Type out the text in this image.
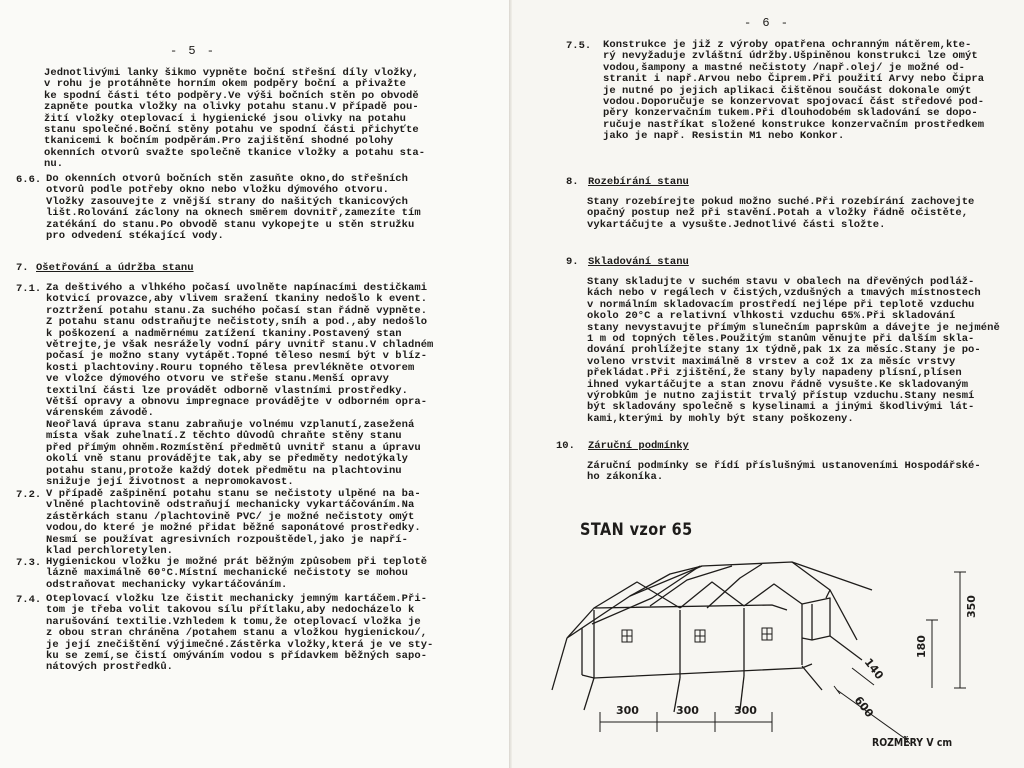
- 5 -
Jednotlivými lanky šikmo vypněte boční střešní díly vložky,
v rohu je protáhněte horním okem podpěry boční a přivažte
ke spodní části této podpěry.Ve výši bočních stěn po obvodě
zapněte poutka vložky na olivky potahu stanu.V případě pou-
žití vložky oteplovací i hygienické jsou olivky na potahu
stanu společné.Boční stěny potahu ve spodní části přichyťte
tkanicemi k bočním podpěrám.Pro zajištění shodné polohy
okenních otvorů svažte společně tkanice vložky a potahu sta-
nu.
6.6. Do okenních otvorů bočních stěn zasuňte okno,do střešních
otvorů podle potřeby okno nebo vložku dýmového otvoru.
Vložky zasouvejte z vnější strany do našitých tkanicových
lišt.Rolování záclony na oknech směrem dovnitř,zamezíte tím
zatékání do stanu.Po obvodě stanu vykopejte u stěn stružku
pro odvedení stékající vody.
7. Ošetřování a údržba stanu
7.1. Za deštivého a vlhkého počasí uvolněte napínacími destičkami
kotvicí provazce,aby vlivem sražení tkaniny nedošlo k event.
roztržení potahu stanu.Za suchého počasí stan řádně vypněte.
Z potahu stanu odstraňujte nečistoty,sníh a pod.,aby nedošlo
k poškození a nadměrnému zatížení tkaniny.Postavený stan
větrejte,je však nesrážely vodní páry uvnitř stanu.V chladném
počasí je možno stany vytápět.Topné těleso nesmí být v blíz-
kosti plachtoviny.Rouru topného tělesa prevlékněte otvorem
ve vložce dýmového otvoru ve střeše stanu.Menší opravy
textilní části lze provádět odborně vlastními prostředky.
Větší opravy a obnovu impregnace provádějte v odborném opra-
várenském závodě.
Neořlavá úprava stanu zabraňuje volnému vzplanutí,zasežená
místa však zuhelnatí.Z těchto důvodů chraňte stěny stanu
před přímým ohněm.Rozmístění předmětů uvnitř stanu a úpravu
okolí vně stanu provádějte tak,aby se předměty nedotýkaly
potahu stanu,protože každý dotek předmětu na plachtovinu
snižuje její životnost a nepromokavost.
7.2. V případě zašpinění potahu stanu se nečistoty ulpěné na ba-
vlněné plachtovině odstraňují mechanicky vykartáčováním.Na
zástěrkách stanu /plachtovině PVC/ je možné nečistoty omýt
vodou,do které je možné přidat běžné saponátové prostředky.
Nesmí se používat agresivních rozpouštědel,jako je napří-
klad perchloretylen.
7.3. Hygienickou vložku je možné prát běžným způsobem při teplotě
lázně maximálně 60°C.Místní mechanické nečistoty se mohou
odstraňovat mechanicky vykartáčováním.
7.4. Oteplovací vložku lze čistit mechanicky jemným kartáčem.Při-
tom je třeba volit takovou sílu přítlaku,aby nedocházelo k
narušování textilie.Vzhledem k tomu,že oteplovací vložka je
z obou stran chráněna /potahem stanu a vložkou hygienickou/,
je její znečištění výjimečné.Zástěrka vložky,která je ve sty-
ku se zemí,se čistí omýváním vodou s přídavkem běžných sapo-
nátových prostředků.
- 6 -
7.5. Konstrukce je již z výroby opatřena ochranným nátěrem,kte-
rý nevyžaduje zvláštní údržby.Ušpiněnou konstrukci lze omýt
vodou,šampony a mastné nečistoty /např.olej/ je možné od-
stranit i např.Arvou nebo Čiprem.Při použití Arvy nebo Čipra
je nutné po jejich aplikaci čištěnou součást dokonale omýt
vodou.Doporučuje se konzervovat spojovací část středové pod-
pěry konzervačním tukem.Při dlouhodobém skladování se dopo-
ručuje nastříkat složené konstrukce konzervačním prostředkem
jako je např. Resistin M1 nebo Konkor.
8. Rozebírání stanu
Stany rozebírejte pokud možno suché.Při rozebírání zachovejte
opačný postup než při stavění.Potah a vložky řádně očistěte,
vykartáčujte a vysušte.Jednotlivé části složte.
9. Skladování stanu
Stany skladujte v suchém stavu v obalech na dřevěných podláž-
kách nebo v regálech v čistých,vzdušných a tmavých místnostech
v normálním skladovacím prostředí nejlépe při teplotě vzduchu
okolo 20°C a relativní vlhkosti vzduchu 65%.Při skladování
stany nevystavujte přímým slunečním paprskům a dávejte je nejméně
1 m od topných těles.Použitým stanům věnujte při dalším skla-
dování prohlížejte stany 1x týdně,pak 1x za měsíc.Stany je po-
voleno vrstvit maximálně 8 vrstev a což 1x za měsíc vrstvy
překládat.Při zjištění,že stany byly napadeny plísní,plísen
ihned vykartáčujte a stan znovu řádně vysušte.Ke skladovaným
výrobkům je nutno zajistit trvalý přístup vzduchu.Stany nesmí
být skladovány společně s kyselinami a jinými škodlivými lát-
kami,kterými by mohly být stany poškozeny.
10. Záruční podmínky
Záruční podmínky se řídí příslušnými ustanoveními Hospodářské-
ho zákoníka.
STAN vzor 65
300	300	300
350
180
600
140
ROZMĚRY V cm
